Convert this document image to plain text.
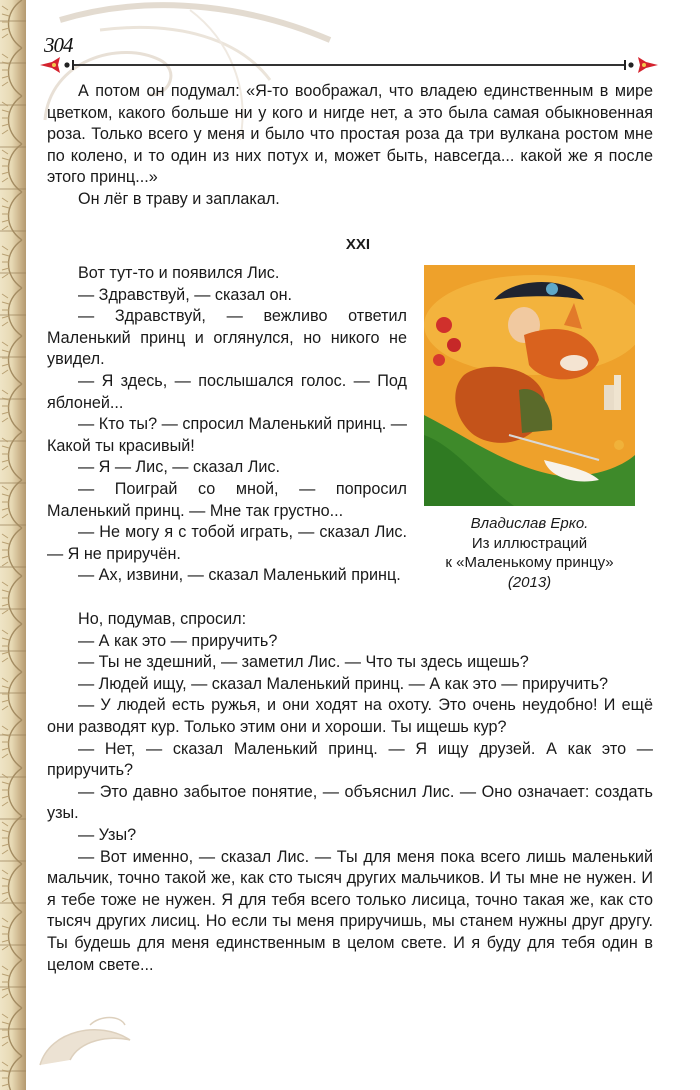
304

А потом он подумал: «Я-то воображал, что владею единственным в мире цветком, какого больше ни у кого и нигде нет, а это была самая обыкновенная роза. Только всего у меня и было что простая роза да три вулкана ростом мне по колено, и то один из них потух и, может быть, навсегда... какой же я после этого принц...»

Он лёг в траву и заплакал.

XXI

Вот тут-то и появился Лис.

— Здравствуй, — сказал он.

— Здравствуй, — вежливо ответил Маленький принц и оглянулся, но никого не увидел.

— Я здесь, — послышался голос. — Под яблоней...

— Кто ты? — спросил Маленький принц. — Какой ты красивый!

— Я — Лис, — сказал Лис.

— Поиграй со мной, — попросил Маленький принц. — Мне так грустно...

— Не могу я с тобой играть, — сказал Лис. — Я не приручён.

— Ах, извини, — сказал Маленький принц.

Владислав Ерко.
Из иллюстраций
к «Маленькому принцу»
(2013)

Но, подумав, спросил:

— А как это — приручить?

— Ты не здешний, — заметил Лис. — Что ты здесь ищешь?

— Людей ищу, — сказал Маленький принц. — А как это — приручить?

— У людей есть ружья, и они ходят на охоту. Это очень неудобно! И ещё они разводят кур. Только этим они и хороши. Ты ищешь кур?

— Нет, — сказал Маленький принц. — Я ищу друзей. А как это — приручить?

— Это давно забытое понятие, — объяснил Лис. — Оно означает: создать узы.

— Узы?

— Вот именно, — сказал Лис. — Ты для меня пока всего лишь маленький мальчик, точно такой же, как сто тысяч других мальчиков. И ты мне не нужен. И я тебе тоже не нужен. Я для тебя всего только лисица, точно такая же, как сто тысяч других лисиц. Но если ты меня приручишь, мы станем нужны друг другу. Ты будешь для меня единственным в целом свете. И я буду для тебя один в целом свете...
